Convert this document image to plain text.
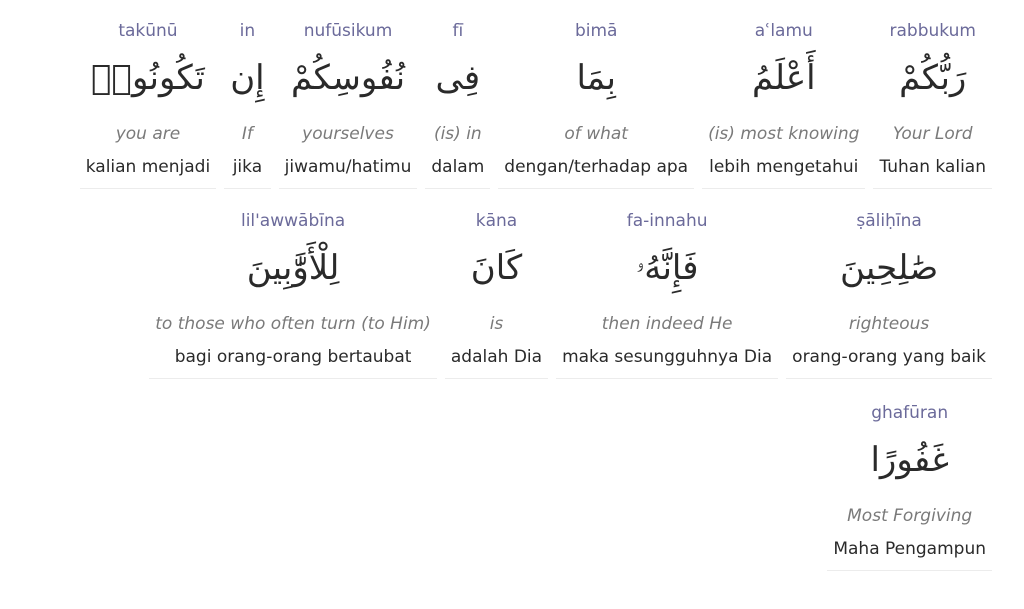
rabbukum
رَبُّكُمْ
Your Lord
Tuhan kalian
aʿlamu
أَعْلَمُ
(is) most knowing
lebih mengetahui
bimā
بِمَا
of what
dengan/terhadap apa
fī
فِى
(is) in
dalam
nufūsikum
نُفُوسِكُمْ
yourselves
jiwamu/hatimu
in
إِن
If
jika
takūnū
تَكُونُوا۟
you are
kalian menjadi
ṣāliḥīna
صَٰلِحِينَ
righteous
orang-orang yang baik
fa-innahu
فَإِنَّهُۥ
then indeed He
maka sesungguhnya Dia
kāna
كَانَ
is
adalah Dia
lil'awwābīna
لِلْأَوَّٰبِينَ
to those who often turn (to Him)
bagi orang-orang bertaubat
ghafūran
غَفُورًا
Most Forgiving
Maha Pengampun
